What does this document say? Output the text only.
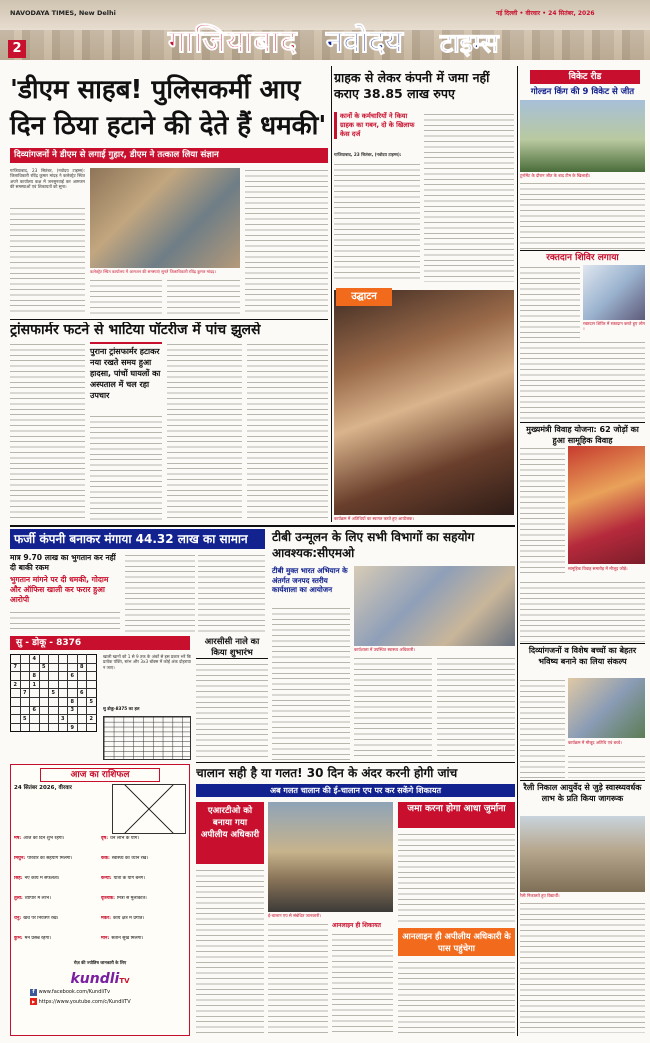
NAVODAYA TIMES, New Delhi
2	गाजियाबाद नवोदय टाइम्स
नई दिल्ली • वीरवार • 24 सितंबर, 2026
'डीएम साहब! पुलिसकर्मी आए दिन ठिया हटाने की देते हैं धमकी'
दिव्यांगजनों ने डीएम से लगाई गुहार, डीएम ने तत्काल लिया संज्ञान
गाजियाबाद, 23 सितंबर, (नवोदय टाइम्स): जिलाधिकारी रविंद्र कुमार मांदड़ ने कलेक्ट्रेट स्थित अपने कार्यालय कक्ष में जनसुनवाई कर आमजन की समस्याओं एवं शिकायतों को सुना।
कलेक्ट्रेट स्थित कार्यालय में आमजन की समस्याएं सुनते जिलाधिकारी रविंद्र कुमार मांदड़।
ट्रांसफार्मर फटने से भाटिया पॉटरीज में पांच झुलसे
पुराना ट्रांसफार्मर हटाकर नया रखते समय हुआ हादसा, पांचों घायलों का अस्पताल में चल रहा उपचार
ग्राहक से लेकर कंपनी में जमा नहीं कराए 38.85 लाख रुपए
कानों के कर्मचारियों ने किया ग्राहक का गबन, दो के खिलाफ केस दर्ज
गाजियाबाद, 23 सितंबर, (नवोदय टाइम्स):
उद्घाटन
कार्यक्रम में अतिथियों का स्वागत करते हुए आयोजक।
विकेट रीड
गोल्डन किंग की 9 विकेट से जीत
टूर्नामेंट के दौरान जीत के बाद टीम के खिलाड़ी।
रक्तदान शिविर लगाया
रक्तदान शिविर में रक्तदान करते हुए लोग।
मुख्यमंत्री विवाह योजना: 62 जोड़ों का हुआ सामूहिक विवाह
सामूहिक विवाह समारोह में मौजूद जोड़े।
दिव्यांगजनों व विशेष बच्चों का बेहतर भविष्य बनाने का लिया संकल्प
कार्यक्रम में मौजूद अतिथि एवं बच्चे।
रैली निकाल आयुर्वेद से जुड़े स्वास्थ्यवर्धक लाभ के प्रति किया जागरूक
रैली निकालते हुए विद्यार्थी।
फर्जी कंपनी बनाकर मंगाया 44.32 लाख का सामान
मात्र 9.70 लाख का भुगतान कर नहीं दी बाकी रकम
भुगतान मांगने पर दी धमकी, गोदाम और ऑफिस खाली कर फरार हुआ आरोपी
टीबी उन्मूलन के लिए सभी विभागों का सहयोग आवश्यक:सीएमओ
टीबी मुक्त भारत अभियान के अंतर्गत जनपद स्तरीय कार्यशाला का आयोजन
कार्यशाला में उपस्थित स्वास्थ्य अधिकारी।
सु - डोकू - 8376
		4						
7			5				8	
		8				6		
2		1						
	7			5			6	
						8		5
		6				3		
	5				3			2
						9		
खाली खानों को 1 से 9 तक के अंकों से इस प्रकार भरें कि प्रत्येक पंक्ति, स्तंभ और 3x3 बॉक्स में कोई अंक दोहराया न जाए।
सु डोकू-8375 का हल
आरसीसी नाले का किया शुभारंभ
आज का राशिफल
24 सितंबर 2026, वीरवार
मेष: आज का दिन शुभ रहेगा।	वृष: धन लाभ के योग।
मिथुन: परिवार का सहयोग मिलेगा।	कर्क: स्वास्थ्य का ध्यान रखें।
सिंह: नए कार्य में सफलता।	कन्या: यात्रा के योग बनेंगे।
तुला: व्यापार में लाभ।	वृश्चिक: मित्रों से मुलाकात।
धनु: खर्च पर नियंत्रण रखें।	मकर: कार्य क्षेत्र में प्रगति।
कुंभ: मन प्रसन्न रहेगा।	मीन: संतान सुख मिलेगा।
रोज़ की ज्योतिष जानकारी के लिए
kundliTV
f www.facebook.com/KundliTv
▶ https://www.youtube.com/c/KundliTV
चालान सही है या गलत! 30 दिन के अंदर करनी होगी जांच
अब गलत चालान की ई-चालान एप पर कर सकेंगे शिकायत
एआरटीओ को बनाया गया अपीलीय अधिकारी
ई-चालान एप से संबंधित जानकारी।
आनलाइन ही शिकायत
जमा करना होगा आधा जुर्माना
आनलाइन ही अपीलीय अधिकारी के पास पहुंचेगा
